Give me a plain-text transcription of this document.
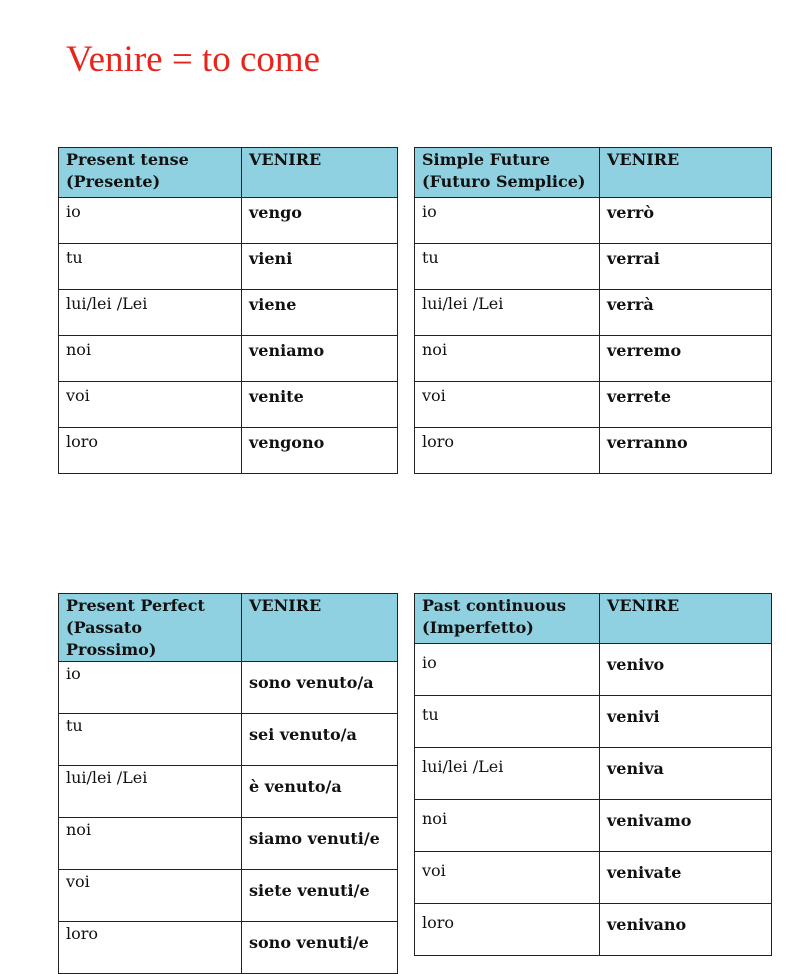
Venire = to come
Present tense (Presente)	VENIRE
io	vengo
tu	vieni
lui/lei /Lei	viene
noi	veniamo
voi	venite
loro	vengono
Simple Future (Futuro Semplice)	VENIRE
io	verrò
tu	verrai
lui/lei /Lei	verrà
noi	verremo
voi	verrete
loro	verranno
Present Perfect (Passato Prossimo)	VENIRE
io	sono venuto/a
tu	sei venuto/a
lui/lei /Lei	è venuto/a
noi	siamo venuti/e
voi	siete venuti/e
loro	sono venuti/e
Past continuous (Imperfetto)	VENIRE
io	venivo
tu	venivi
lui/lei /Lei	veniva
noi	venivamo
voi	venivate
loro	venivano
